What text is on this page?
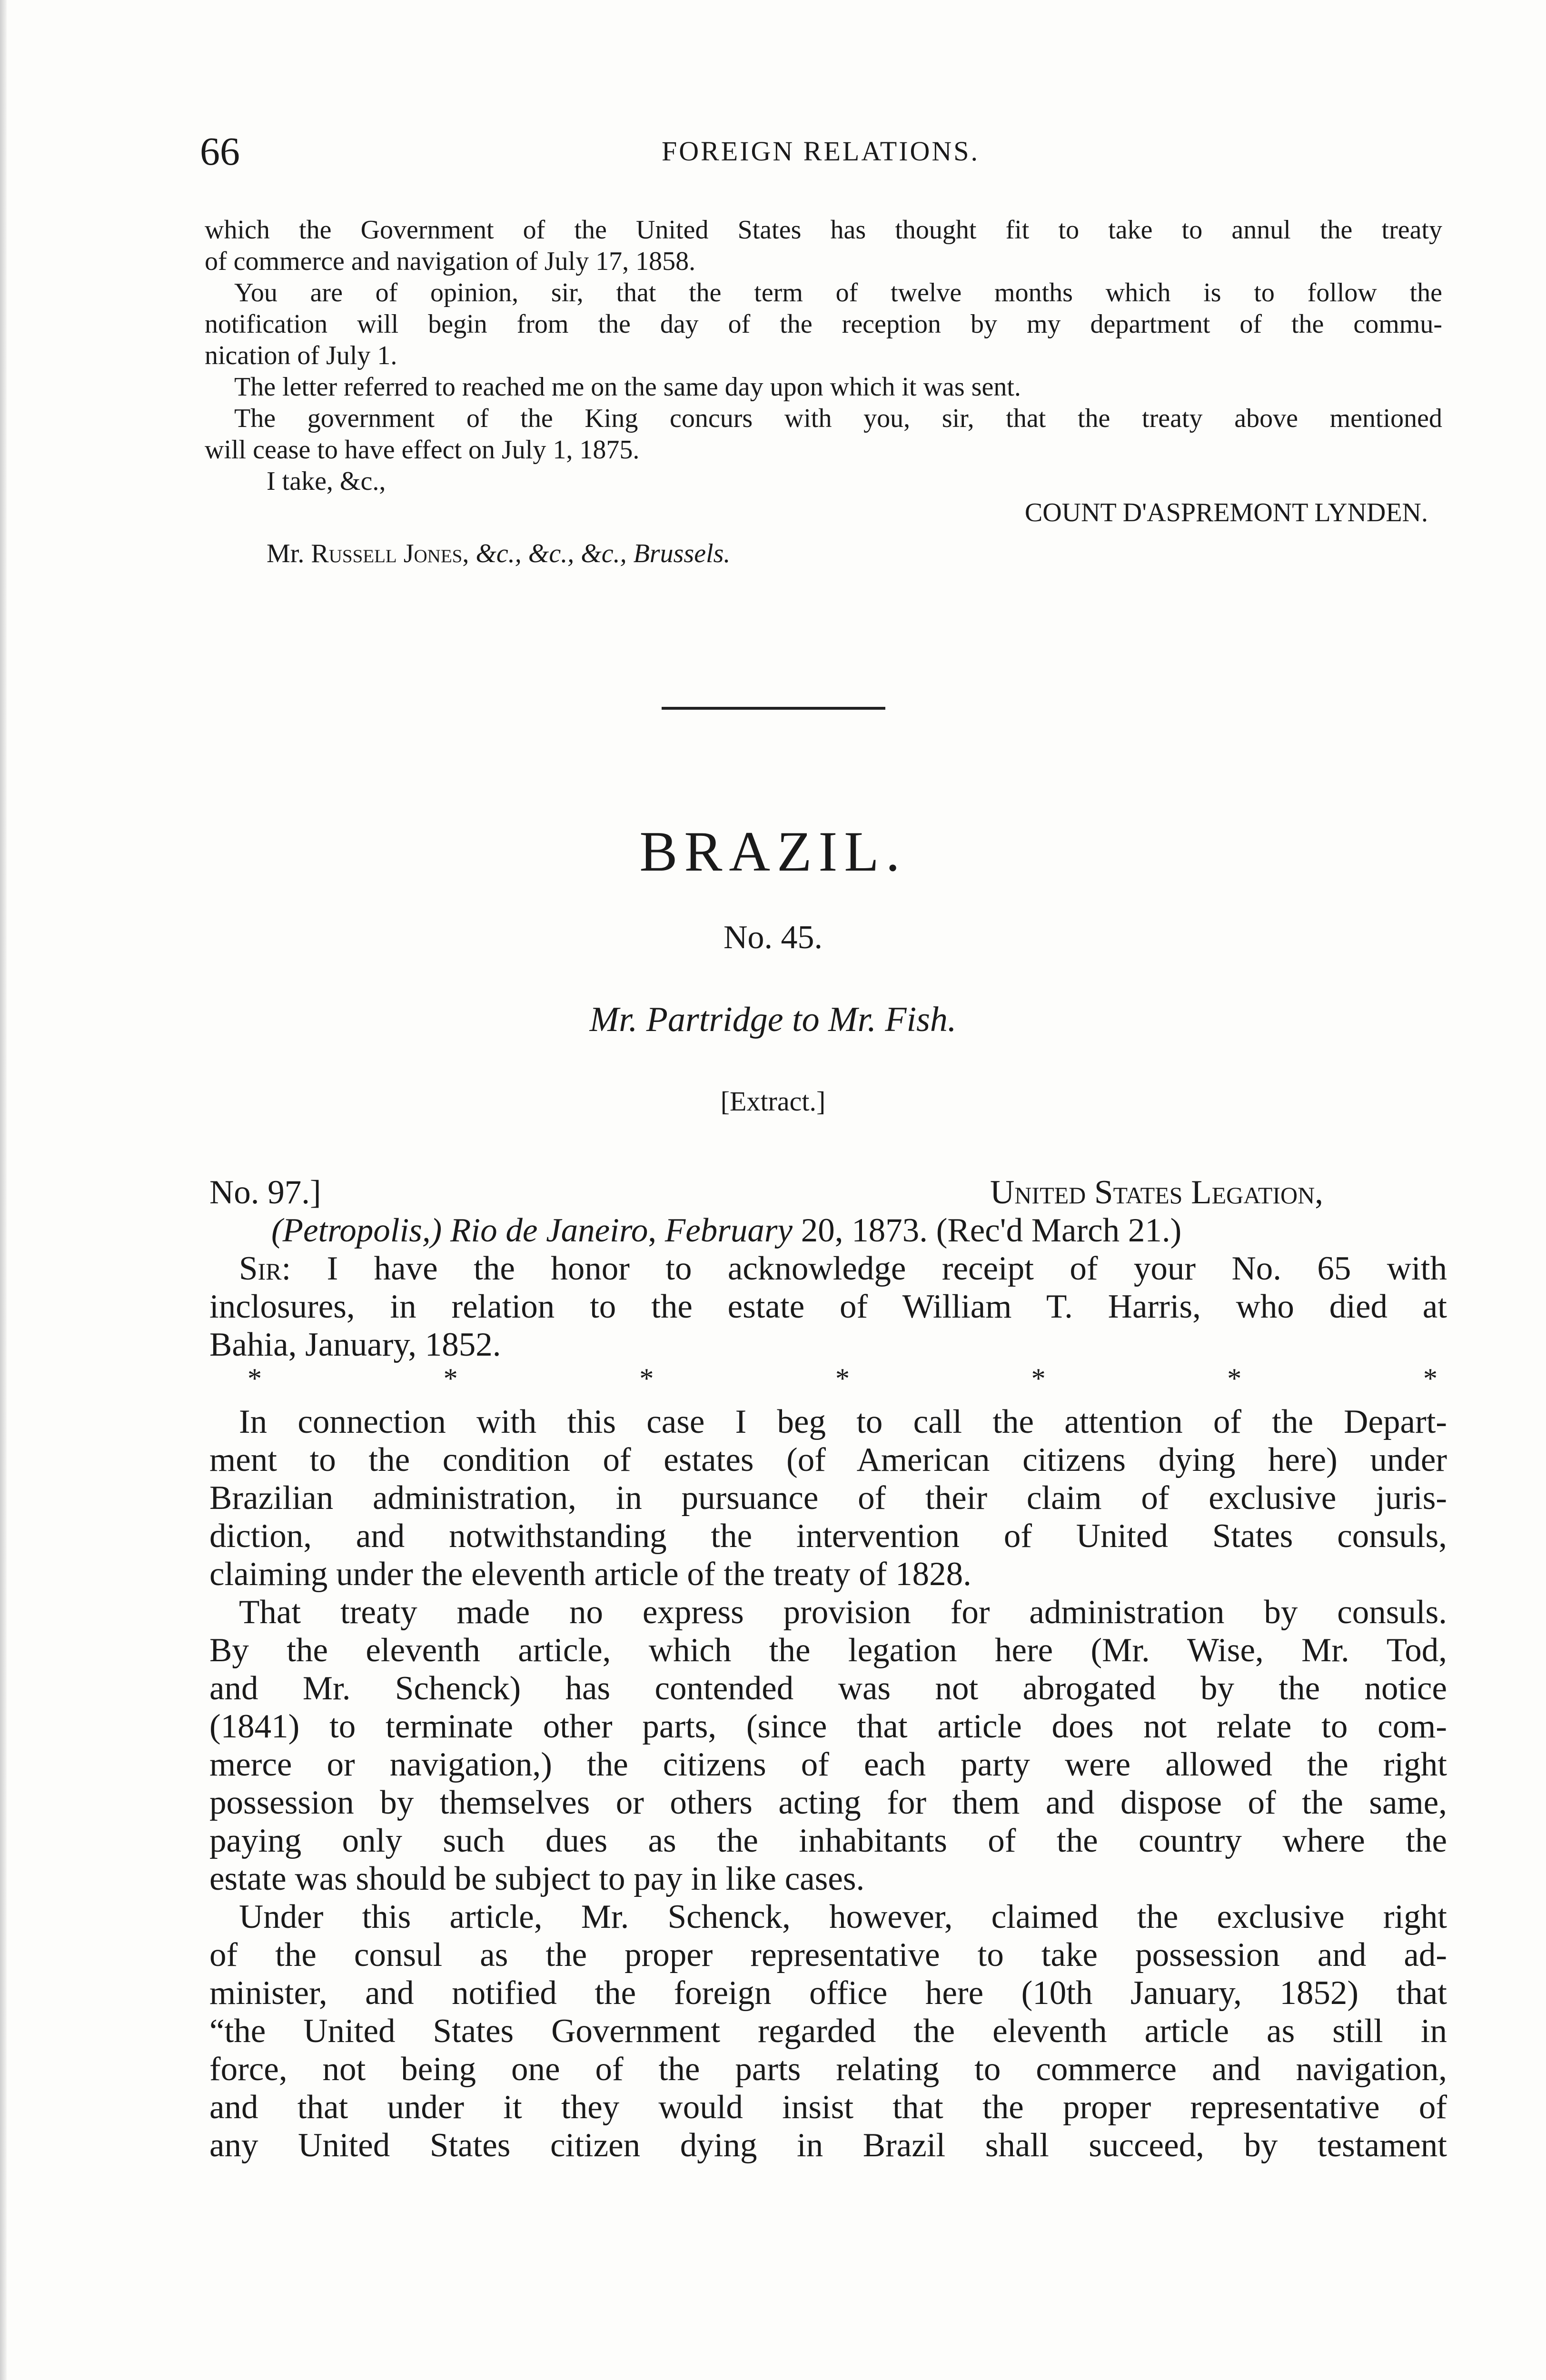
66	FOREIGN RELATIONS.
which the Government of the United States has thought fit to take to annul the treaty
of commerce and navigation of July 17, 1858.
You are of opinion, sir, that the term of twelve months which is to follow the
notification will begin from the day of the reception by my department of the commu-
nication of July 1.
The letter referred to reached me on the same day upon which it was sent.
The government of the King concurs with you, sir, that the treaty above mentioned
will cease to have effect on July 1, 1875.
I take, &c.,
COUNT D'ASPREMONT LYNDEN.
Mr. Russell Jones, &c., &c., &c., Brussels.
BRAZIL.
No. 45.
Mr. Partridge to Mr. Fish.
[Extract.]
No. 97.]	United States Legation,
(Petropolis,) Rio de Janeiro, February 20, 1873. (Rec'd March 21.)
Sir: I have the honor to acknowledge receipt of your No. 65 with
inclosures, in relation to the estate of William T. Harris, who died at
Bahia, January, 1852.
*	*	*	*	*	*	*
In connection with this case I beg to call the attention of the Depart-
ment to the condition of estates (of American citizens dying here) under
Brazilian administration, in pursuance of their claim of exclusive juris-
diction, and notwithstanding the intervention of United States consuls,
claiming under the eleventh article of the treaty of 1828.
That treaty made no express provision for administration by consuls.
By the eleventh article, which the legation here (Mr. Wise, Mr. Tod,
and Mr. Schenck) has contended was not abrogated by the notice
(1841) to terminate other parts, (since that article does not relate to com-
merce or navigation,) the citizens of each party were allowed the right
possession by themselves or others acting for them and dispose of the same,
paying only such dues as the inhabitants of the country where the
estate was should be subject to pay in like cases.
Under this article, Mr. Schenck, however, claimed the exclusive right
of the consul as the proper representative to take possession and ad-
minister, and notified the foreign office here (10th January, 1852) that
“the United States Government regarded the eleventh article as still in
force, not being one of the parts relating to commerce and navigation,
and that under it they would insist that the proper representative of
any United States citizen dying in Brazil shall succeed, by testament
